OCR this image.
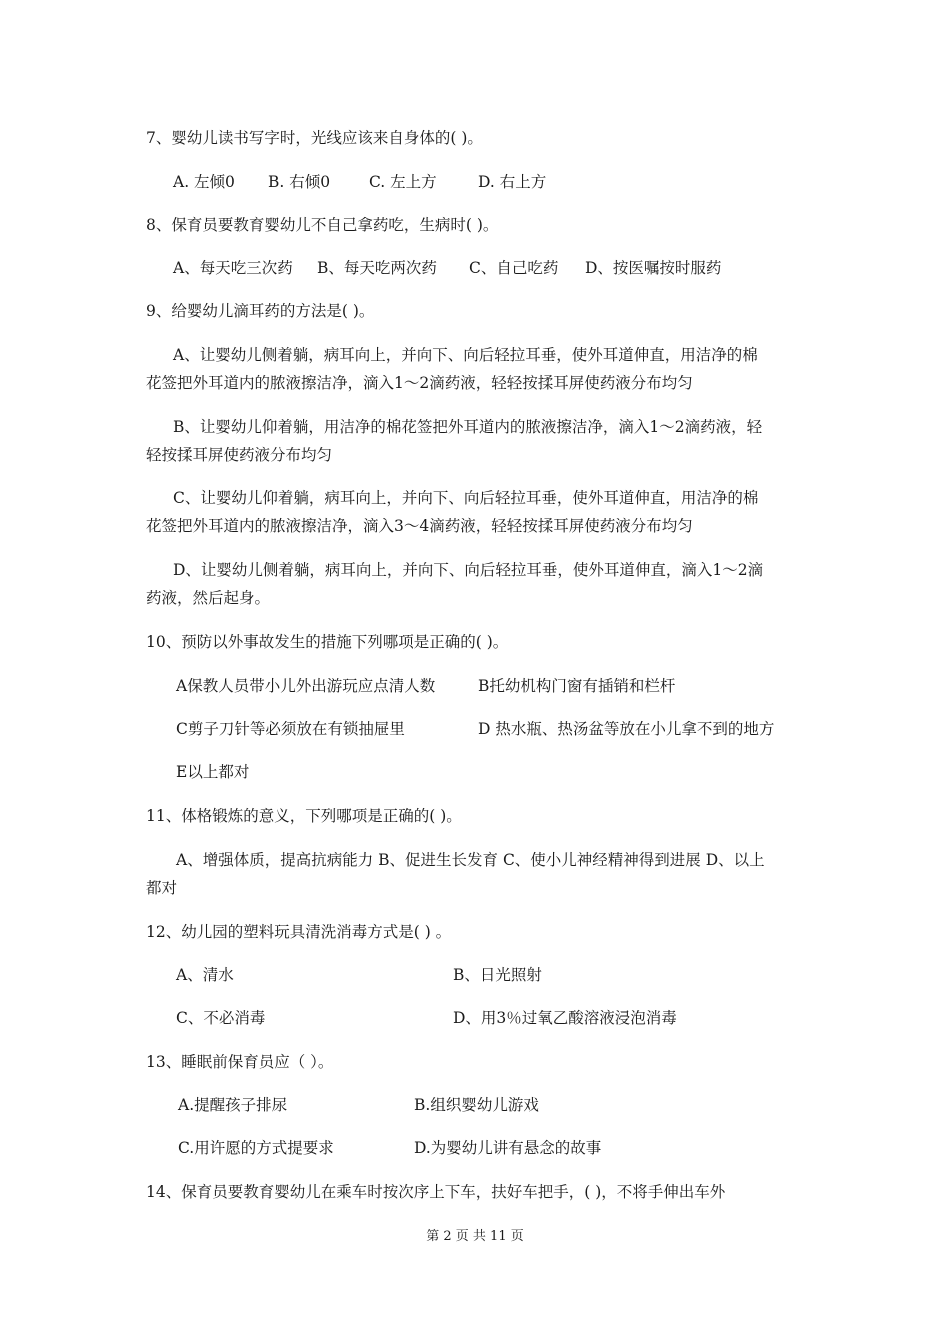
7、婴幼儿读书写字时，光线应该来自身体的( )。
A. 左倾0 B. 右倾0	C. 左上方	D. 右上方
8、保育员要教育婴幼儿不自己拿药吃，生病时( )。
A、每天吃三次药 B、每天吃两次药 C、自己吃药 D、按医嘱按时服药
9、给婴幼儿滴耳药的方法是( )。
A、让婴幼儿侧着躺，病耳向上，并向下、向后轻拉耳垂，使外耳道伸直，用洁净的棉
花签把外耳道内的脓液擦洁净，滴入1～2滴药液，轻轻按揉耳屏使药液分布均匀
B、让婴幼儿仰着躺，用洁净的棉花签把外耳道内的脓液擦洁净，滴入1～2滴药液，轻
轻按揉耳屏使药液分布均匀
C、让婴幼儿仰着躺，病耳向上，并向下、向后轻拉耳垂，使外耳道伸直，用洁净的棉
花签把外耳道内的脓液擦洁净，滴入3～4滴药液，轻轻按揉耳屏使药液分布均匀
D、让婴幼儿侧着躺，病耳向上，并向下、向后轻拉耳垂，使外耳道伸直，滴入1～2滴
药液，然后起身。
10、预防以外事故发生的措施下列哪项是正确的( )。
A保教人员带小儿外出游玩应点清人数	B托幼机构门窗有插销和栏杆
C剪子刀针等必须放在有锁抽屉里	D 热水瓶、热汤盆等放在小儿拿不到的地方
E以上都对
11、体格锻炼的意义，下列哪项是正确的( )。
A、增强体质，提高抗病能力 B、促进生长发育 C、使小儿神经精神得到进展 D、以上
都对
12、幼儿园的塑料玩具清洗消毒方式是( ) 。
A、清水	B、日光照射
C、不必消毒	D、用3％过氧乙酸溶液浸泡消毒
13、睡眠前保育员应（ ）。
A.提醒孩子排尿	B.组织婴幼儿游戏
C.用许愿的方式提要求	D.为婴幼儿讲有悬念的故事
14、保育员要教育婴幼儿在乘车时按次序上下车，扶好车把手，( )，不将手伸出车外
第 2 页 共 11 页
